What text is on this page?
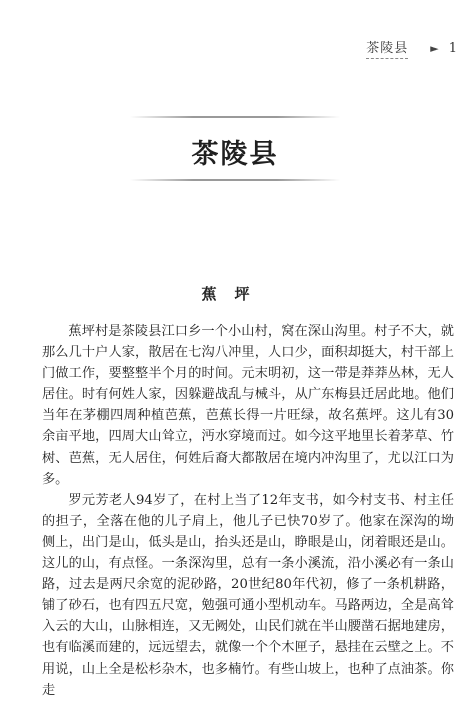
茶陵县 ► 1
茶陵县
蕉坪

蕉坪村是茶陵县江口乡一个小山村，窝在深山沟里。村子不大，就那么几十户人家，散居在七沟八冲里，人口少，面积却挺大，村干部上门做工作，要整整半个月的时间。元末明初，这一带是莽莽丛林，无人居住。时有何姓人家，因躲避战乱与械斗，从广东梅县迁居此地。他们当年在茅棚四周种植芭蕉，芭蕉长得一片旺绿，故名蕉坪。这儿有30余亩平地，四周大山耸立，沔水穿境而过。如今这平地里长着茅草、竹树、芭蕉，无人居住，何姓后裔大都散居在境内冲沟里了，尤以江口为多。

罗元芳老人94岁了，在村上当了12年支书，如今村支书、村主任的担子，全落在他的儿子肩上，他儿子已快70岁了。他家在深沟的坳侧上，出门是山，低头是山，抬头还是山，睁眼是山，闭着眼还是山。这儿的山，有点怪。一条深沟里，总有一条小溪流，沿小溪必有一条山路，过去是两尺余宽的泥砂路，20世纪80年代初，修了一条机耕路，铺了砂石，也有四五尺宽，勉强可通小型机动车。马路两边，全是高耸入云的大山，山脉相连，又无阙处，山民们就在半山腰凿石据地建房，也有临溪而建的，远远望去，就像一个个木匣子，悬挂在云壁之上。不用说，山上全是松杉杂木，也多楠竹。有些山坡上，也种了点油茶。你走
